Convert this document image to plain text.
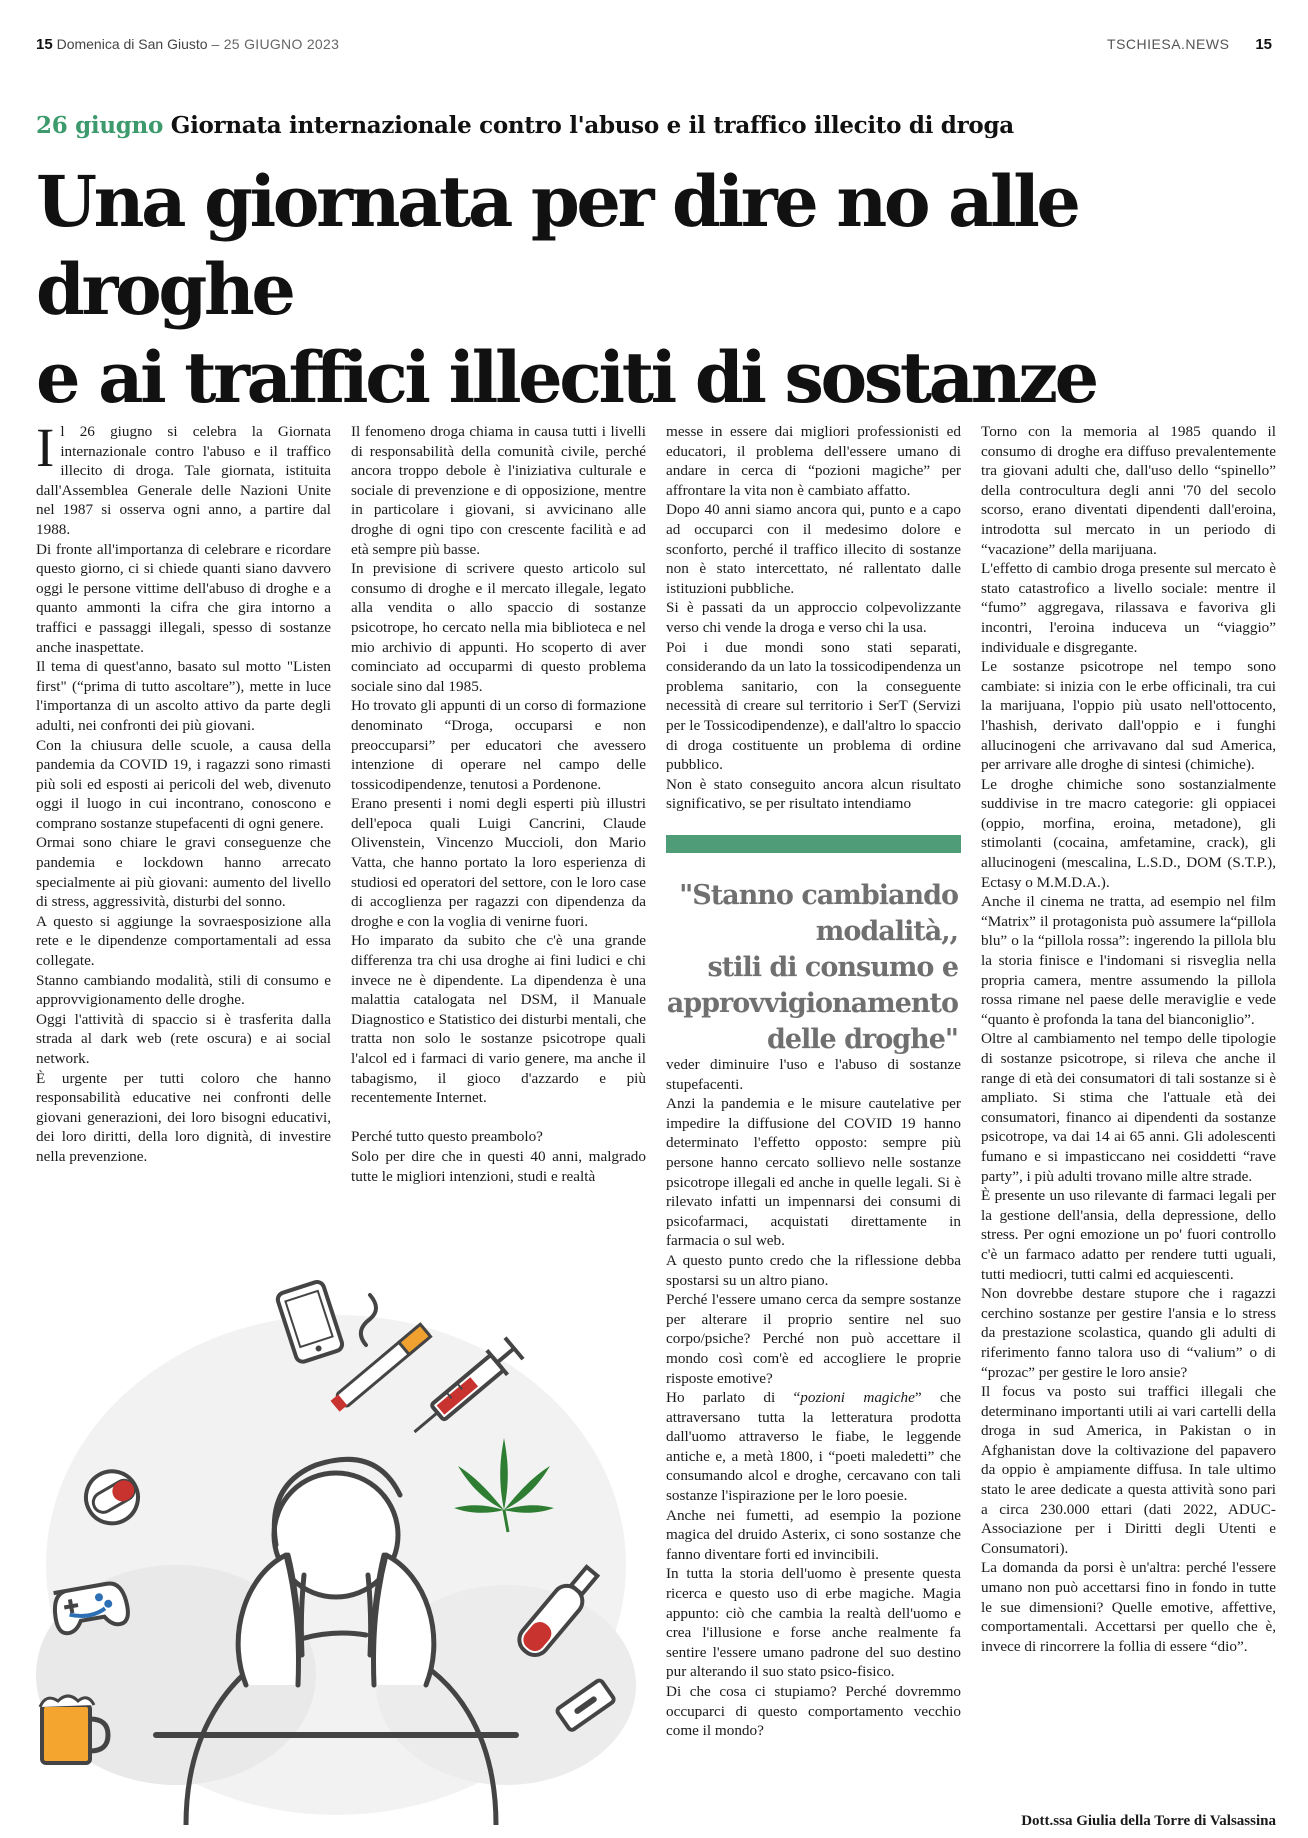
15 Domenica di San Giusto – 25 GIUGNO 2023	TSCHIESA.NEWS 15
26 giugno Giornata internazionale contro l'abuso e il traffico illecito di droga
Una giornata per dire no alle droghe
e ai traffici illeciti di sostanze

Il 26 giugno si celebra la Giornata internazionale contro l'abuso e il traffico illecito di droga. Tale giornata, istituita dall'Assemblea Generale delle Nazioni Unite nel 1987 si osserva ogni anno, a partire dal 1988.

Di fronte all'importanza di celebrare e ricordare questo giorno, ci si chiede quanti siano davvero oggi le persone vittime dell'abuso di droghe e a quanto ammonti la cifra che gira intorno a traffici e passaggi illegali, spesso di sostanze anche inaspettate.

Il tema di quest'anno, basato sul motto "Listen first" (“prima di tutto ascoltare”), mette in luce l'importanza di un ascolto attivo da parte degli adulti, nei confronti dei più giovani.

Con la chiusura delle scuole, a causa della pandemia da COVID 19, i ragazzi sono rimasti più soli ed esposti ai pericoli del web, divenuto oggi il luogo in cui incontrano, conoscono e comprano sostanze stupefacenti di ogni genere.

Ormai sono chiare le gravi conseguenze che pandemia e lockdown hanno arrecato specialmente ai più giovani: aumento del livello di stress, aggressività, disturbi del sonno.

A questo si aggiunge la sovraesposizione alla rete e le dipendenze comportamentali ad essa collegate.

Stanno cambiando modalità, stili di consumo e approvvigionamento delle droghe.

Oggi l'attività di spaccio si è trasferita dalla strada al dark web (rete oscura) e ai social network.

È urgente per tutti coloro che hanno responsabilità educative nei confronti delle giovani generazioni, dei loro bisogni educativi, dei loro diritti, della loro dignità, di investire nella prevenzione.

Il fenomeno droga chiama in causa tutti i livelli di responsabilità della comunità civile, perché ancora troppo debole è l'iniziativa culturale e sociale di prevenzione e di opposizione, mentre in particolare i giovani, si avvicinano alle droghe di ogni tipo con crescente facilità e ad età sempre più basse.

In previsione di scrivere questo articolo sul consumo di droghe e il mercato illegale, legato alla vendita o allo spaccio di sostanze psicotrope, ho cercato nella mia biblioteca e nel mio archivio di appunti. Ho scoperto di aver cominciato ad occuparmi di questo problema sociale sino dal 1985.

Ho trovato gli appunti di un corso di formazione denominato “Droga, occuparsi e non preoccuparsi” per educatori che avessero intenzione di operare nel campo delle tossicodipendenze, tenutosi a Pordenone.

Erano presenti i nomi degli esperti più illustri dell'epoca quali Luigi Cancrini, Claude Olivenstein, Vincenzo Muccioli, don Mario Vatta, che hanno portato la loro esperienza di studiosi ed operatori del settore, con le loro case di accoglienza per ragazzi con dipendenza da droghe e con la voglia di venirne fuori.

Ho imparato da subito che c'è una grande differenza tra chi usa droghe ai fini ludici e chi invece ne è dipendente. La dipendenza è una malattia catalogata nel DSM, il Manuale Diagnostico e Statistico dei disturbi mentali, che tratta non solo le sostanze psicotrope quali l'alcol ed i farmaci di vario genere, ma anche il tabagismo, il gioco d'azzardo e più recentemente Internet.

Perché tutto questo preambolo?

Solo per dire che in questi 40 anni, malgrado tutte le migliori intenzioni, studi e realtà

messe in essere dai migliori professionisti ed educatori, il problema dell'essere umano di andare in cerca di “pozioni magiche” per affrontare la vita non è cambiato affatto.

Dopo 40 anni siamo ancora qui, punto e a capo ad occuparci con il medesimo dolore e sconforto, perché il traffico illecito di sostanze non è stato intercettato, né rallentato dalle istituzioni pubbliche.

Si è passati da un approccio colpevolizzante verso chi vende la droga e verso chi la usa.

Poi i due mondi sono stati separati, considerando da un lato la tossicodipendenza un problema sanitario, con la conseguente necessità di creare sul territorio i SerT (Servizi per le Tossicodipendenze), e dall'altro lo spaccio di droga costituente un problema di ordine pubblico.

Non è stato conseguito ancora alcun risultato significativo, se per risultato intendiamo

"Stanno cambiando
modalità,,
stili di consumo e
approvvigionamento
delle droghe"

veder diminuire l'uso e l'abuso di sostanze stupefacenti.

Anzi la pandemia e le misure cautelative per impedire la diffusione del COVID 19 hanno determinato l'effetto opposto: sempre più persone hanno cercato sollievo nelle sostanze psicotrope illegali ed anche in quelle legali. Si è rilevato infatti un impennarsi dei consumi di psicofarmaci, acquistati direttamente in farmacia o sul web.

A questo punto credo che la riflessione debba spostarsi su un altro piano.

Perché l'essere umano cerca da sempre sostanze per alterare il proprio sentire nel suo corpo/psiche? Perché non può accettare il mondo così com'è ed accogliere le proprie risposte emotive?

Ho parlato di “pozioni magiche” che attraversano tutta la letteratura prodotta dall'uomo attraverso le fiabe, le leggende antiche e, a metà 1800, i “poeti maledetti” che consumando alcol e droghe, cercavano con tali sostanze l'ispirazione per le loro poesie.

Anche nei fumetti, ad esempio la pozione magica del druido Asterix, ci sono sostanze che fanno diventare forti ed invincibili.

In tutta la storia dell'uomo è presente questa ricerca e questo uso di erbe magiche. Magia appunto: ciò che cambia la realtà dell'uomo e crea l'illusione e forse anche realmente fa sentire l'essere umano padrone del suo destino pur alterando il suo stato psico-fisico.

Di che cosa ci stupiamo? Perché dovremmo occuparci di questo comportamento vecchio come il mondo?

Torno con la memoria al 1985 quando il consumo di droghe era diffuso prevalentemente tra giovani adulti che, dall'uso dello “spinello” della controcultura degli anni '70 del secolo scorso, erano diventati dipendenti dall'eroina, introdotta sul mercato in un periodo di “vacazione” della marijuana.

L'effetto di cambio droga presente sul mercato è stato catastrofico a livello sociale: mentre il “fumo” aggregava, rilassava e favoriva gli incontri, l'eroina induceva un “viaggio” individuale e disgregante.

Le sostanze psicotrope nel tempo sono cambiate: si inizia con le erbe officinali, tra cui la marijuana, l'oppio più usato nell'ottocento, l'hashish, derivato dall'oppio e i funghi allucinogeni che arrivavano dal sud America, per arrivare alle droghe di sintesi (chimiche).

Le droghe chimiche sono sostanzialmente suddivise in tre macro categorie: gli oppiacei (oppio, morfina, eroina, metadone), gli stimolanti (cocaina, amfetamine, crack), gli allucinogeni (mescalina, L.S.D., DOM (S.T.P.), Ectasy o M.M.D.A.).

Anche il cinema ne tratta, ad esempio nel film “Matrix” il protagonista può assumere la“pillola blu” o la “pillola rossa”: ingerendo la pillola blu la storia finisce e l'indomani si risveglia nella propria camera, mentre assumendo la pillola rossa rimane nel paese delle meraviglie e vede “quanto è profonda la tana del bianconiglio”.

Oltre al cambiamento nel tempo delle tipologie di sostanze psicotrope, si rileva che anche il range di età dei consumatori di tali sostanze si è ampliato. Si stima che l'attuale età dei consumatori, financo ai dipendenti da sostanze psicotrope, va dai 14 ai 65 anni. Gli adolescenti fumano e si impasticcano nei cosiddetti “rave party”, i più adulti trovano mille altre strade.

È presente un uso rilevante di farmaci legali per la gestione dell'ansia, della depressione, dello stress. Per ogni emozione un po' fuori controllo c'è un farmaco adatto per rendere tutti uguali, tutti mediocri, tutti calmi ed acquiescenti.

Non dovrebbe destare stupore che i ragazzi cerchino sostanze per gestire l'ansia e lo stress da prestazione scolastica, quando gli adulti di riferimento fanno talora uso di “valium” o di “prozac” per gestire le loro ansie?

Il focus va posto sui traffici illegali che determinano importanti utili ai vari cartelli della droga in sud America, in Pakistan o in Afghanistan dove la coltivazione del papavero da oppio è ampiamente diffusa. In tale ultimo stato le aree dedicate a questa attività sono pari a circa 230.000 ettari (dati 2022, ADUC-Associazione per i Diritti degli Utenti e Consumatori).

La domanda da porsi è un'altra: perché l'essere umano non può accettarsi fino in fondo in tutte le sue dimensioni? Quelle emotive, affettive, comportamentali. Accettarsi per quello che è, invece di rincorrere la follia di essere “dio”.

Dott.ssa Giulia della Torre di Valsassina
